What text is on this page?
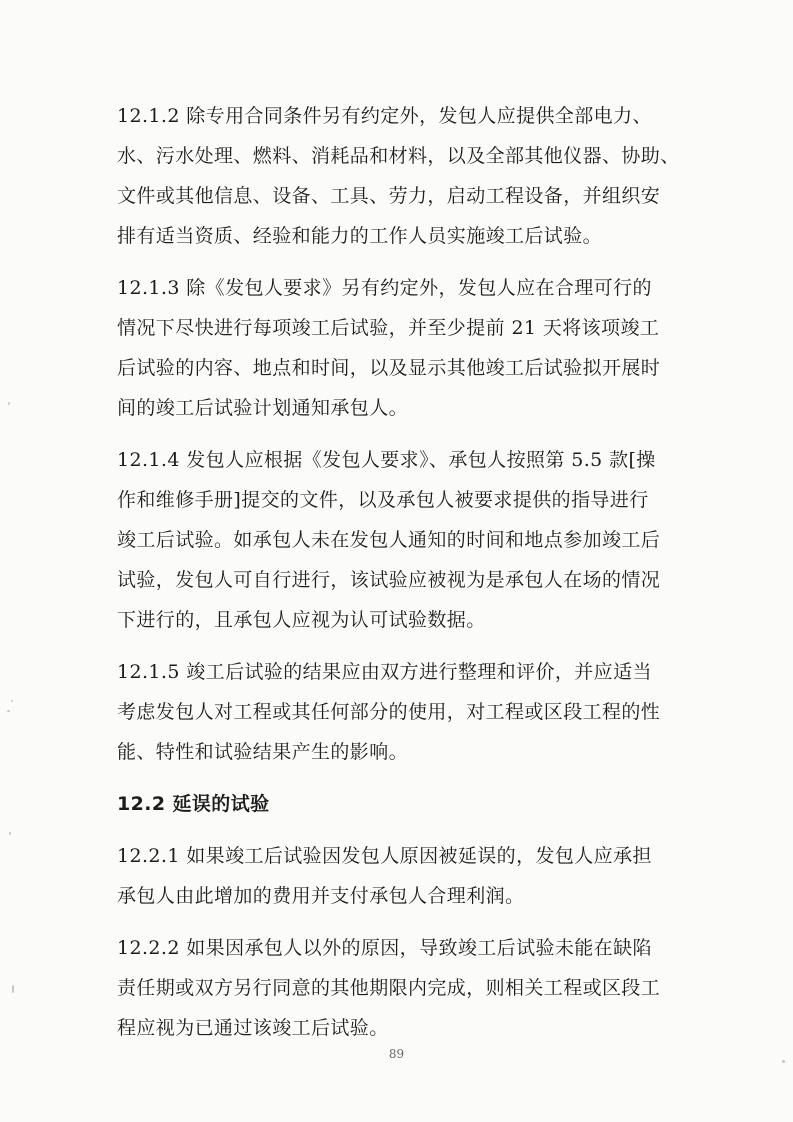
12.1.2 除专用合同条件另有约定外，发包人应提供全部电力、
水、污水处理、燃料、消耗品和材料，以及全部其他仪器、协助、
文件或其他信息、设备、工具、劳力，启动工程设备，并组织安
排有适当资质、经验和能力的工作人员实施竣工后试验。

12.1.3 除《发包人要求》另有约定外，发包人应在合理可行的
情况下尽快进行每项竣工后试验，并至少提前 21 天将该项竣工
后试验的内容、地点和时间，以及显示其他竣工后试验拟开展时
间的竣工后试验计划通知承包人。

12.1.4 发包人应根据《发包人要求》、承包人按照第 5.5 款[操
作和维修手册]提交的文件，以及承包人被要求提供的指导进行
竣工后试验。如承包人未在发包人通知的时间和地点参加竣工后
试验，发包人可自行进行，该试验应被视为是承包人在场的情况
下进行的，且承包人应视为认可试验数据。

12.1.5 竣工后试验的结果应由双方进行整理和评价，并应适当
考虑发包人对工程或其任何部分的使用，对工程或区段工程的性
能、特性和试验结果产生的影响。

12.2 延误的试验

12.2.1 如果竣工后试验因发包人原因被延误的，发包人应承担
承包人由此增加的费用并支付承包人合理利润。

12.2.2 如果因承包人以外的原因，导致竣工后试验未能在缺陷
责任期或双方另行同意的其他期限内完成，则相关工程或区段工
程应视为已通过该竣工后试验。

89
